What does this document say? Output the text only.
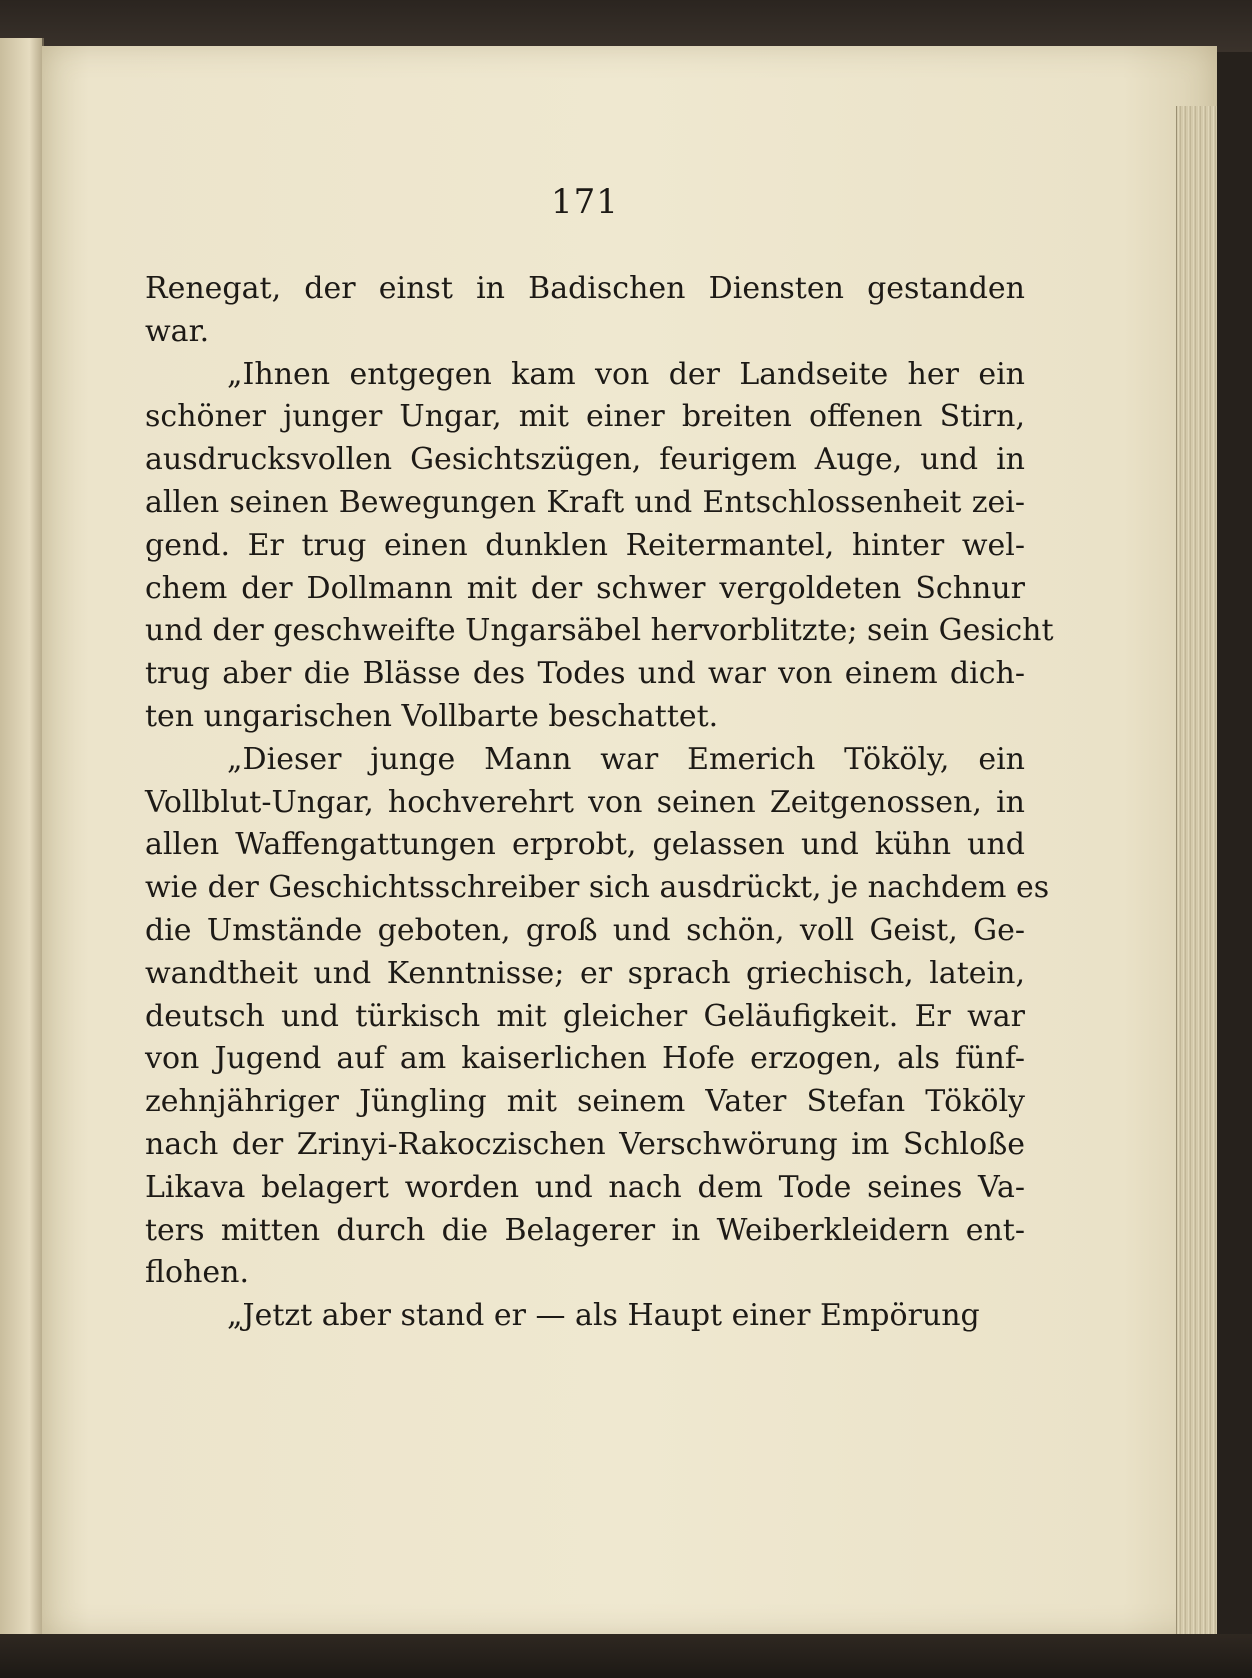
171

Renegat, der einst in Badischen Diensten gestanden
war.

„Ihnen entgegen kam von der Landseite her ein
schöner junger Ungar, mit einer breiten offenen Stirn,
ausdrucksvollen Gesichtszügen, feurigem Auge, und in
allen seinen Bewegungen Kraft und Entschlossenheit zei-
gend. Er trug einen dunklen Reitermantel, hinter wel-
chem der Dollmann mit der schwer vergoldeten Schnur
und der geschweifte Ungarsäbel hervorblitzte; sein Gesicht
trug aber die Blässe des Todes und war von einem dich-
ten ungarischen Vollbarte beschattet.

„Dieser junge Mann war Emerich Tököly, ein
Vollblut-Ungar, hochverehrt von seinen Zeitgenossen, in
allen Waffengattungen erprobt, gelassen und kühn und
wie der Geschichtsschreiber sich ausdrückt, je nachdem es
die Umstände geboten, groß und schön, voll Geist, Ge-
wandtheit und Kenntnisse; er sprach griechisch, latein,
deutsch und türkisch mit gleicher Geläufigkeit. Er war
von Jugend auf am kaiserlichen Hofe erzogen, als fünf-
zehnjähriger Jüngling mit seinem Vater Stefan Tököly
nach der Zrinyi-Rakoczischen Verschwörung im Schloße
Likava belagert worden und nach dem Tode seines Va-
ters mitten durch die Belagerer in Weiberkleidern ent-
flohen.

„Jetzt aber stand er — als Haupt einer Empörung
